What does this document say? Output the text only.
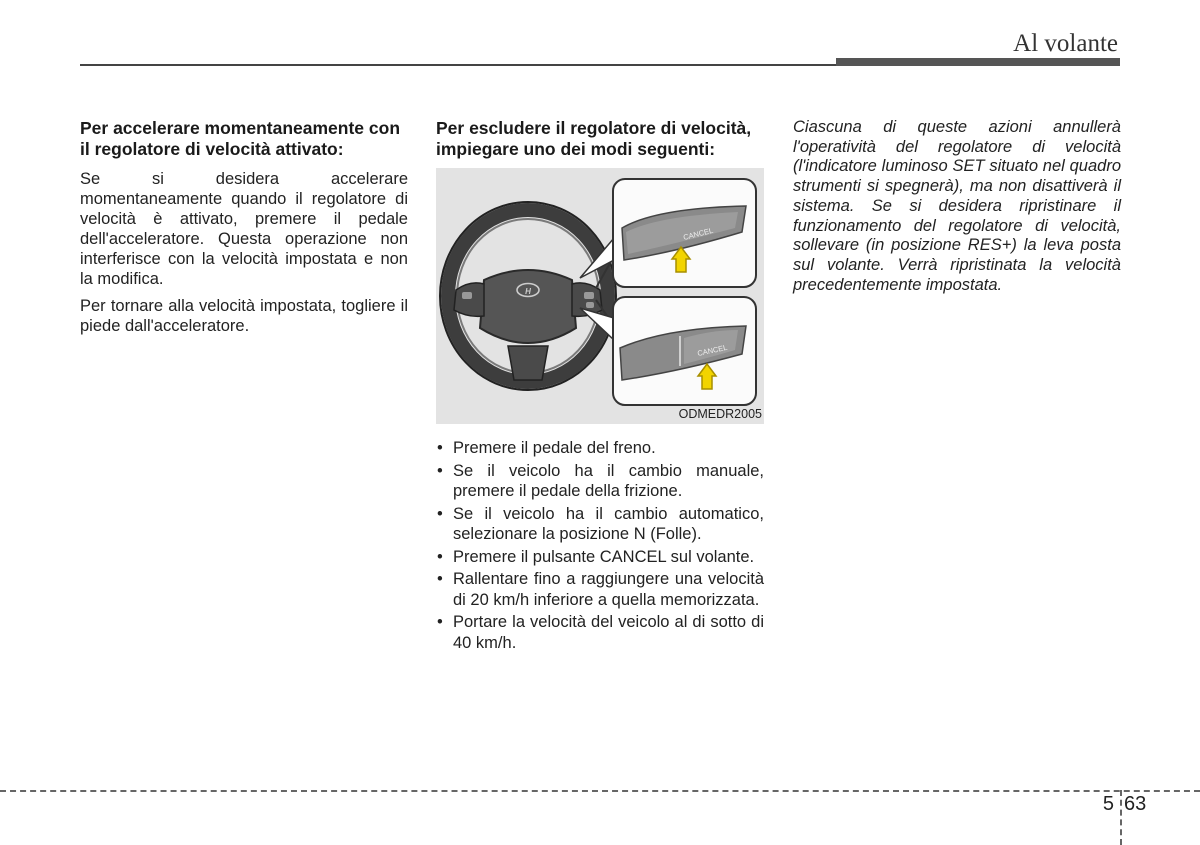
Al volante
Per accelerare momentaneamente con il regolatore di velocità attivato:

Se si desidera accelerare momentaneamente quando il regolatore di velocità è attivato, premere il pedale dell'acceleratore. Questa operazione non interferisce con la velocità impostata e non la modifica.

Per tornare alla velocità impostata, togliere il piede dall'acceleratore.

Per escludere il regolatore di velocità, impiegare uno dei modi seguenti:
H
CANCEL
CANCEL
ODMEDR2005
• Premere il pedale del freno.
• Se il veicolo ha il cambio manuale, premere il pedale della frizione.
• Se il veicolo ha il cambio automatico, selezionare la posizione N (Folle).
• Premere il pulsante CANCEL sul volante.
• Rallentare fino a raggiungere una velocità di 20 km/h inferiore a quella memorizzata.
• Portare la velocità del veicolo al di sotto di 40 km/h.

Ciascuna di queste azioni annullerà l'operatività del regolatore di velocità (l'indicatore luminoso SET situato nel quadro strumenti si spegnerà), ma non disattiverà il sistema. Se si desidera ripristinare il funzionamento del regolatore di velocità, sollevare (in posizione RES+) la leva posta sul volante. Verrà ripristinata la velocità precedentemente impostata.

5 63
